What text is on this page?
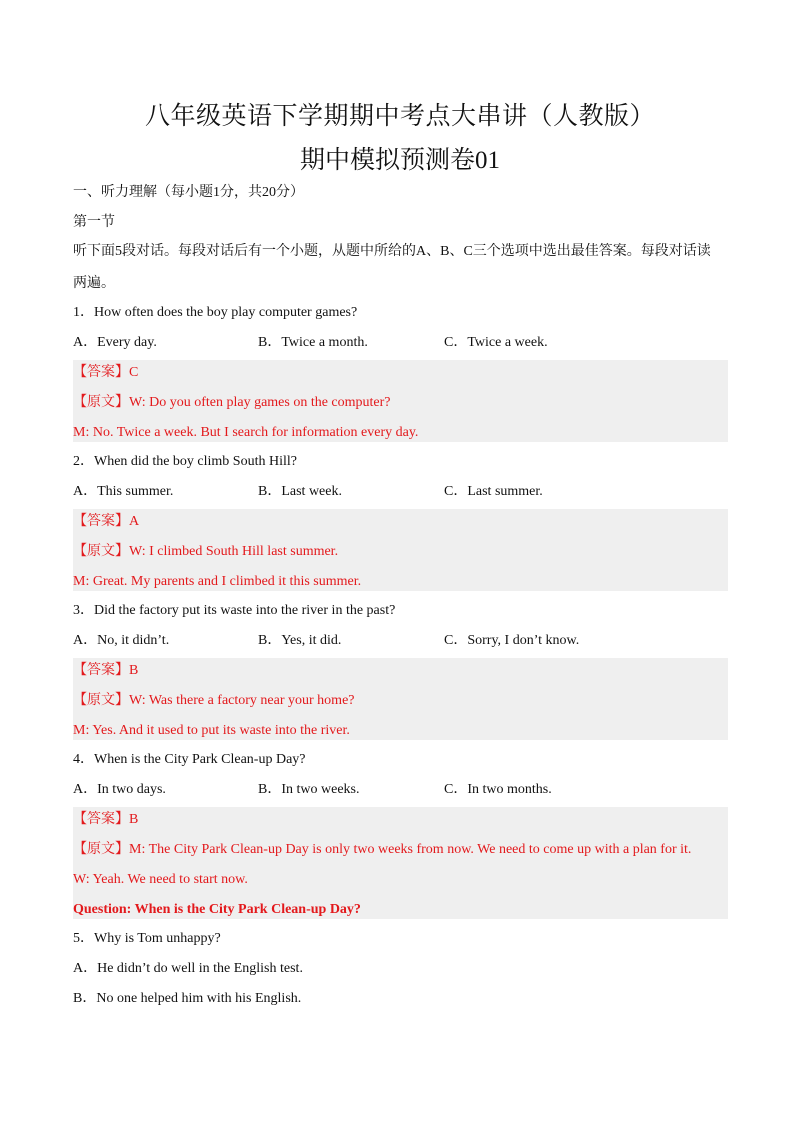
八年级英语下学期期中考点大串讲（人教版）
期中模拟预测卷01
一、听力理解（每小题1分，共20分）
第一节
听下面5段对话。每段对话后有一个小题，从题中所给的A、B、C三个选项中选出最佳答案。每段对话读
两遍。
1．How often does the boy play computer games?
A．Every day.	B．Twice a month.	C．Twice a week.
【答案】C
【原文】W: Do you often play games on the computer?
M: No. Twice a week. But I search for information every day.
2．When did the boy climb South Hill?
A．This summer.	B．Last week.	C．Last summer.
【答案】A
【原文】W: I climbed South Hill last summer.
M: Great. My parents and I climbed it this summer.
3．Did the factory put its waste into the river in the past?
A．No, it didn’t.	B．Yes, it did.	C．Sorry, I don’t know.
【答案】B
【原文】W: Was there a factory near your home?
M: Yes. And it used to put its waste into the river.
4．When is the City Park Clean-up Day?
A．In two days.	B．In two weeks.	C．In two months.
【答案】B
【原文】M: The City Park Clean-up Day is only two weeks from now. We need to come up with a plan for it.
W: Yeah. We need to start now.
Question: When is the City Park Clean-up Day?
5．Why is Tom unhappy?
A．He didn’t do well in the English test.
B．No one helped him with his English.
